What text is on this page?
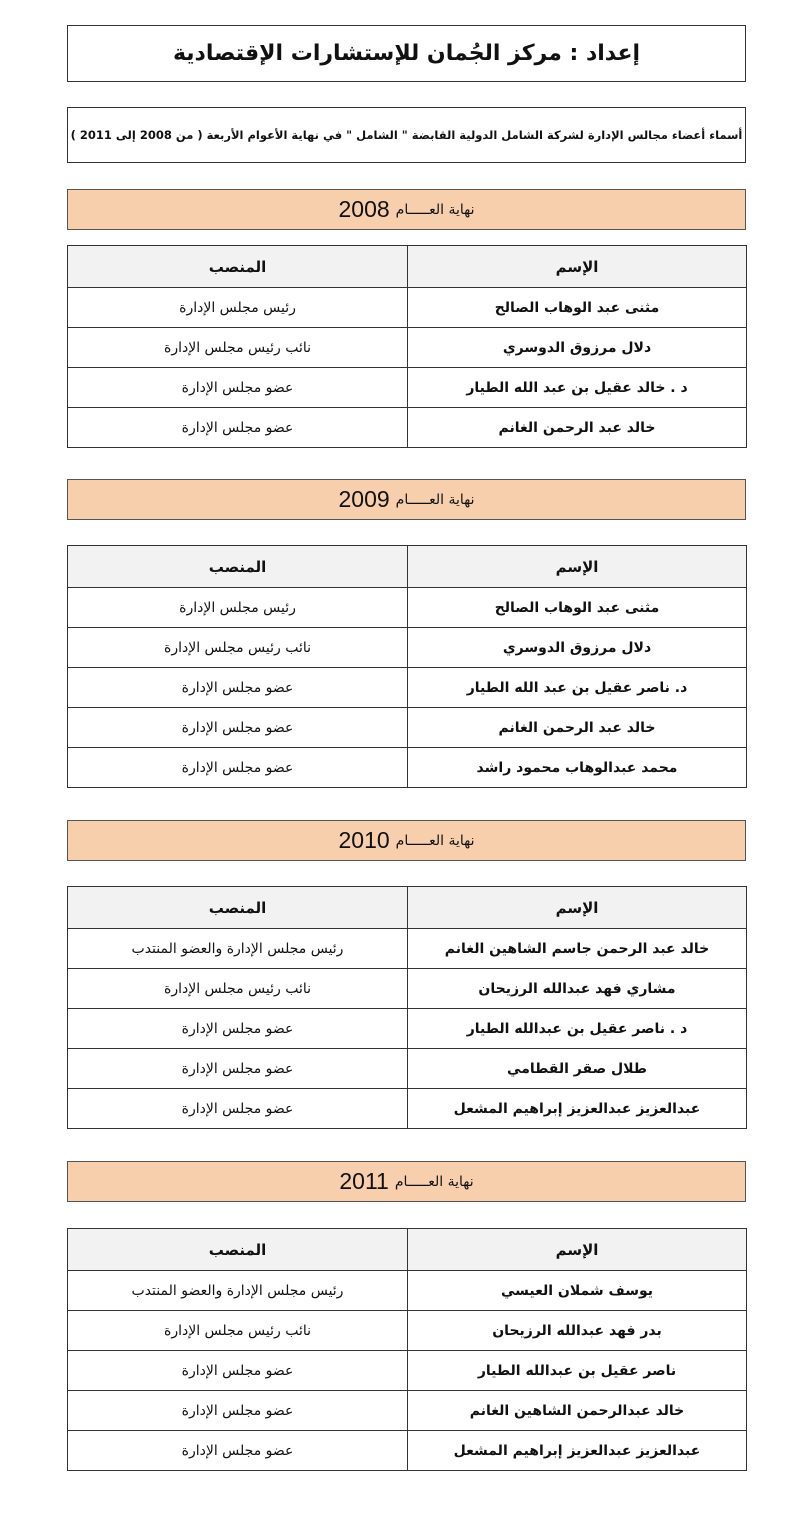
إعداد : مركز الجُمان للإستشارات الإقتصادية
أسماء أعضاء مجالس الإدارة لشركة الشامل الدولية القابضة " الشامل " في نهاية الأعوام الأربعة ( من 2008 إلى 2011 )
نهاية العـــــام
2008
الإسم	المنصب
مثنى عبد الوهاب الصالح	رئيس مجلس الإدارة
دلال مرزوق الدوسري	نائب رئيس مجلس الإدارة
د . خالد عقيل بن عبد الله الطيار	عضو مجلس الإدارة
خالد عبد الرحمن الغانم	عضو مجلس الإدارة
نهاية العـــــام
2009
الإسم	المنصب
مثنى عبد الوهاب الصالح	رئيس مجلس الإدارة
دلال مرزوق الدوسري	نائب رئيس مجلس الإدارة
د. ناصر عقيل بن عبد الله الطيار	عضو مجلس الإدارة
خالد عبد الرحمن الغانم	عضو مجلس الإدارة
محمد عبدالوهاب محمود راشد	عضو مجلس الإدارة
نهاية العـــــام
2010
الإسم	المنصب
خالد عبد الرحمن جاسم الشاهين الغانم	رئيس مجلس الإدارة والعضو المنتدب
مشاري فهد عبدالله الرزيحان	نائب رئيس مجلس الإدارة
د . ناصر عقيل بن عبدالله الطيار	عضو مجلس الإدارة
طلال صقر القطامي	عضو مجلس الإدارة
عبدالعزيز عبدالعزيز إبراهيم المشعل	عضو مجلس الإدارة
نهاية العـــــام
2011
الإسم	المنصب
يوسف شملان العيسي	رئيس مجلس الإدارة والعضو المنتدب
بدر فهد عبدالله الرزيحان	نائب رئيس مجلس الإدارة
ناصر عقيل بن عبدالله الطيار	عضو مجلس الإدارة
خالد عبدالرحمن الشاهين الغانم	عضو مجلس الإدارة
عبدالعزيز عبدالعزيز إبراهيم المشعل	عضو مجلس الإدارة
